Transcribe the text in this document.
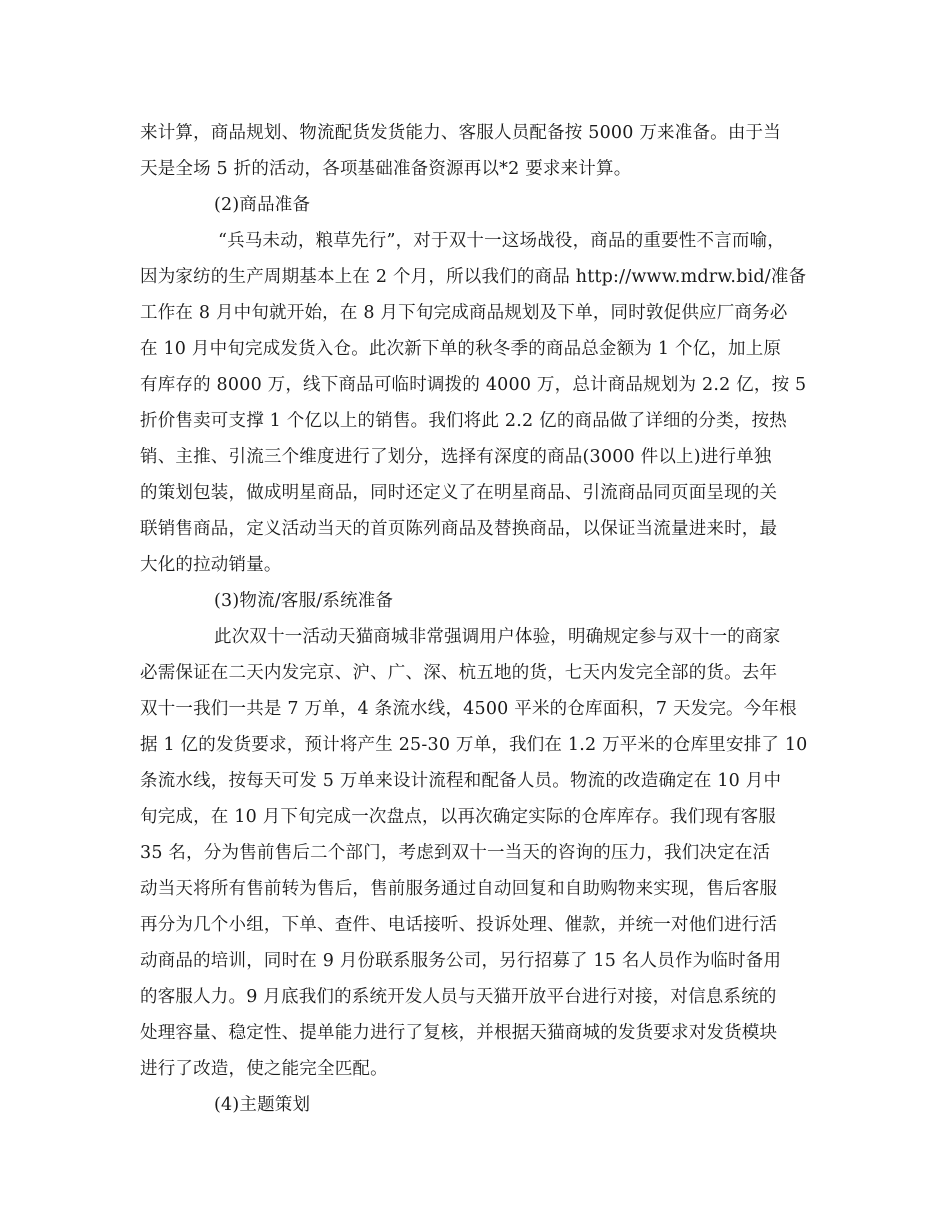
来计算，商品规划、物流配货发货能力、客服人员配备按 5000 万来准备。由于当
天是全场 5 折的活动，各项基础准备资源再以*2 要求来计算。
(2)商品准备
“兵马未动，粮草先行”，对于双十一这场战役，商品的重要性不言而喻，
因为家纺的生产周期基本上在 2 个月，所以我们的商品 http://www.mdrw.bid/准备
工作在 8 月中旬就开始，在 8 月下旬完成商品规划及下单，同时敦促供应厂商务必
在 10 月中旬完成发货入仓。此次新下单的秋冬季的商品总金额为 1 个亿，加上原
有库存的 8000 万，线下商品可临时调拨的 4000 万，总计商品规划为 2.2 亿，按 5
折价售卖可支撑 1 个亿以上的销售。我们将此 2.2 亿的商品做了详细的分类，按热
销、主推、引流三个维度进行了划分，选择有深度的商品(3000 件以上)进行单独
的策划包装，做成明星商品，同时还定义了在明星商品、引流商品同页面呈现的关
联销售商品，定义活动当天的首页陈列商品及替换商品，以保证当流量进来时，最
大化的拉动销量。
(3)物流/客服/系统准备
此次双十一活动天猫商城非常强调用户体验，明确规定参与双十一的商家
必需保证在二天内发完京、沪、广、深、杭五地的货，七天内发完全部的货。去年
双十一我们一共是 7 万单，4 条流水线，4500 平米的仓库面积，7 天发完。今年根
据 1 亿的发货要求，预计将产生 25-30 万单，我们在 1.2 万平米的仓库里安排了 10
条流水线，按每天可发 5 万单来设计流程和配备人员。物流的改造确定在 10 月中
旬完成，在 10 月下旬完成一次盘点，以再次确定实际的仓库库存。我们现有客服
35 名，分为售前售后二个部门，考虑到双十一当天的咨询的压力，我们决定在活
动当天将所有售前转为售后，售前服务通过自动回复和自助购物来实现，售后客服
再分为几个小组，下单、查件、电话接听、投诉处理、催款，并统一对他们进行活
动商品的培训，同时在 9 月份联系服务公司，另行招募了 15 名人员作为临时备用
的客服人力。9 月底我们的系统开发人员与天猫开放平台进行对接，对信息系统的
处理容量、稳定性、提单能力进行了复核，并根据天猫商城的发货要求对发货模块
进行了改造，使之能完全匹配。
(4)主题策划
